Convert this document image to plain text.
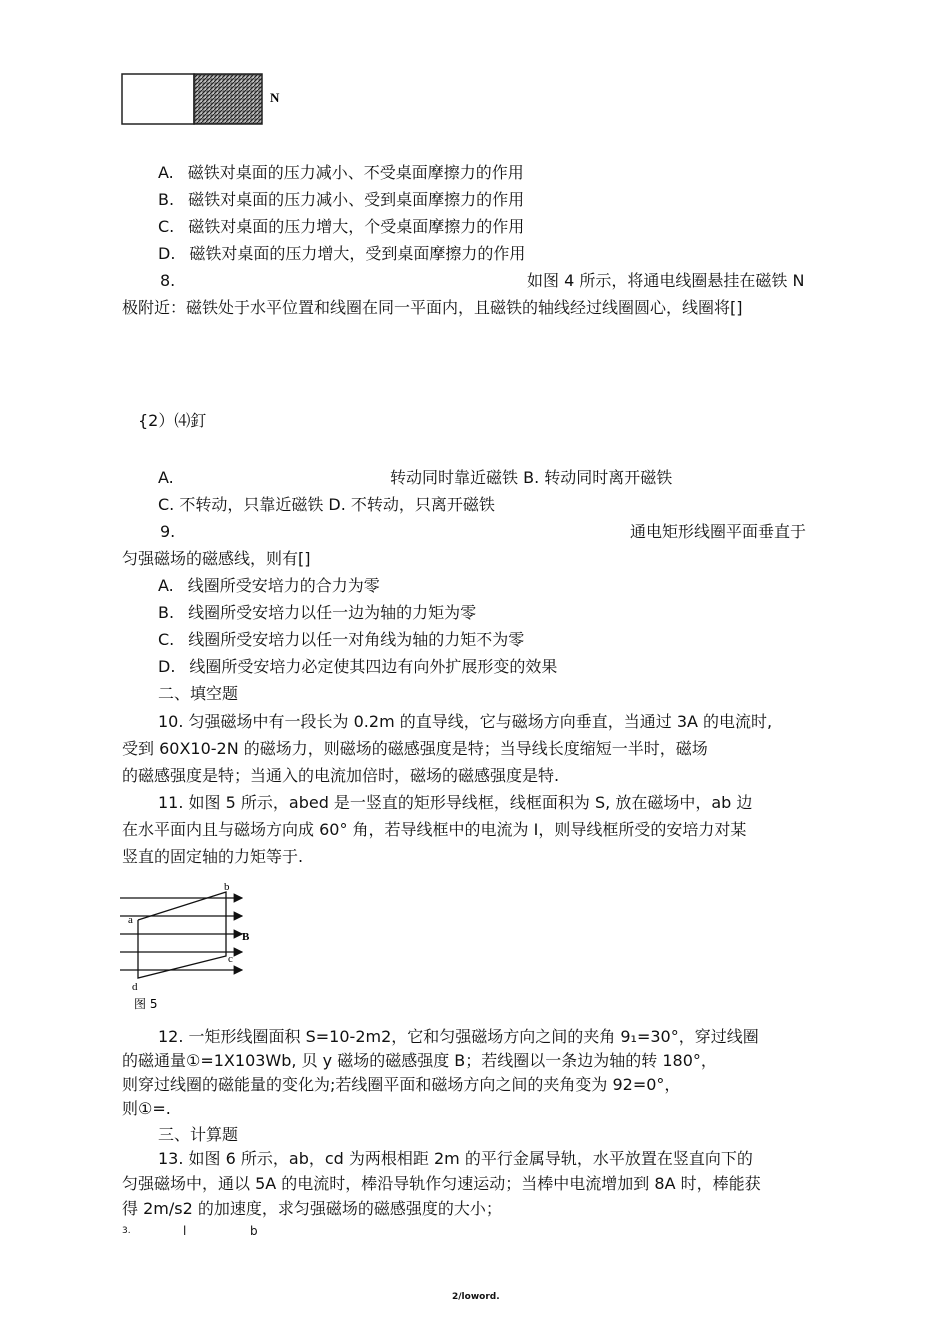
N
A. 磁铁对桌面的压力减小、不受桌面摩擦力的作用
B. 磁铁对桌面的压力减小、受到桌面摩擦力的作用
C. 磁铁对桌面的压力增大，个受桌面摩擦力的作用
D. 磁铁对桌面的压力增大，受到桌面摩擦力的作用
8.	如图 4 所示，将通电线圈悬挂在磁铁 N
极附近：磁铁处于水平位置和线圈在同一平面内，且磁铁的轴线经过线圈圆心，线圈将[]
{2）⑷釘
A.	转动同时靠近磁铁 B. 转动同时离开磁铁
C. 不转动，只靠近磁铁 D. 不转动，只离开磁铁
9.	通电矩形线圈平面垂直于
匀强磁场的磁感线，则有[]
A. 线圈所受安培力的合力为零
B. 线圈所受安培力以任一边为轴的力矩为零
C. 线圈所受安培力以任一对角线为轴的力矩不为零
D. 线圈所受安培力必定使其四边有向外扩展形变的效果
二、填空题
10. 匀强磁场中有一段长为 0.2m 的直导线，它与磁场方向垂直，当通过 3A 的电流时,
受到 60X10-2N 的磁场力，则磁场的磁感强度是特；当导线长度缩短一半时，磁场
的磁感强度是特；当通入的电流加倍时，磁场的磁感强度是特.
11. 如图 5 所示，abed 是一竖直的矩形导线框，线框面积为 S, 放在磁场中，ab 边
在水平面内且与磁场方向成 60° 角，若导线框中的电流为 I，则导线框所受的安培力对某
竖直的固定轴的力矩等于.
a
b
c
d
B
图 5
12. 一矩形线圈面积 S=10-2m2，它和匀强磁场方向之间的夹角 9₁=30°，穿过线圈
的磁通量①=1X103Wb, 贝 y 磁场的磁感强度 B；若线圈以一条边为轴的转 180°，
则穿过线圈的磁能量的变化为;若线圈平面和磁场方向之间的夹角变为 92=0°，
则①=.
三、计算题
13. 如图 6 所示，ab，cd 为两根相距 2m 的平行金属导轨，水平放置在竖直向下的
匀强磁场中，通以 5A 的电流时，棒沿导轨作匀速运动；当棒中电流增加到 8A 时，棒能获
得 2m/s2 的加速度，求匀强磁场的磁感强度的大小；
3.	l	b
2/loword.
